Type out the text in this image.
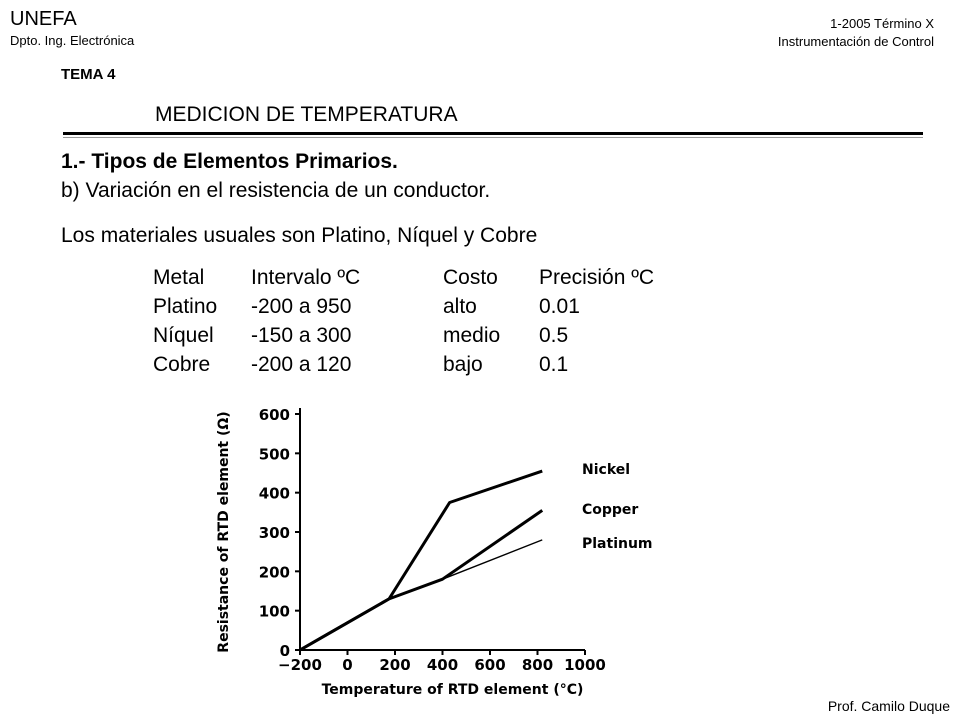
UNEFA
Dpto. Ing. Electrónica
1-2005 Término X
Instrumentación de Control
TEMA 4
MEDICION DE TEMPERATURA
1.- Tipos de Elementos Primarios.
b) Variación en el resistencia de un conductor.
Los materiales usuales son Platino, Níquel y Cobre
Metal	Intervalo ºC	Costo	Precisión ºC
Platino	-200 a 950	alto	0.01
Níquel	-150 a 300	medio	0.5
Cobre	-200 a 120	bajo	0.1
0
100
200
300
400
500
600
−200 0 200 400 600 800 1000
Temperature of RTD element (°C)
Resistance of RTD element (Ω)	Nickel
Copper
Platinum
Prof. Camilo Duque
